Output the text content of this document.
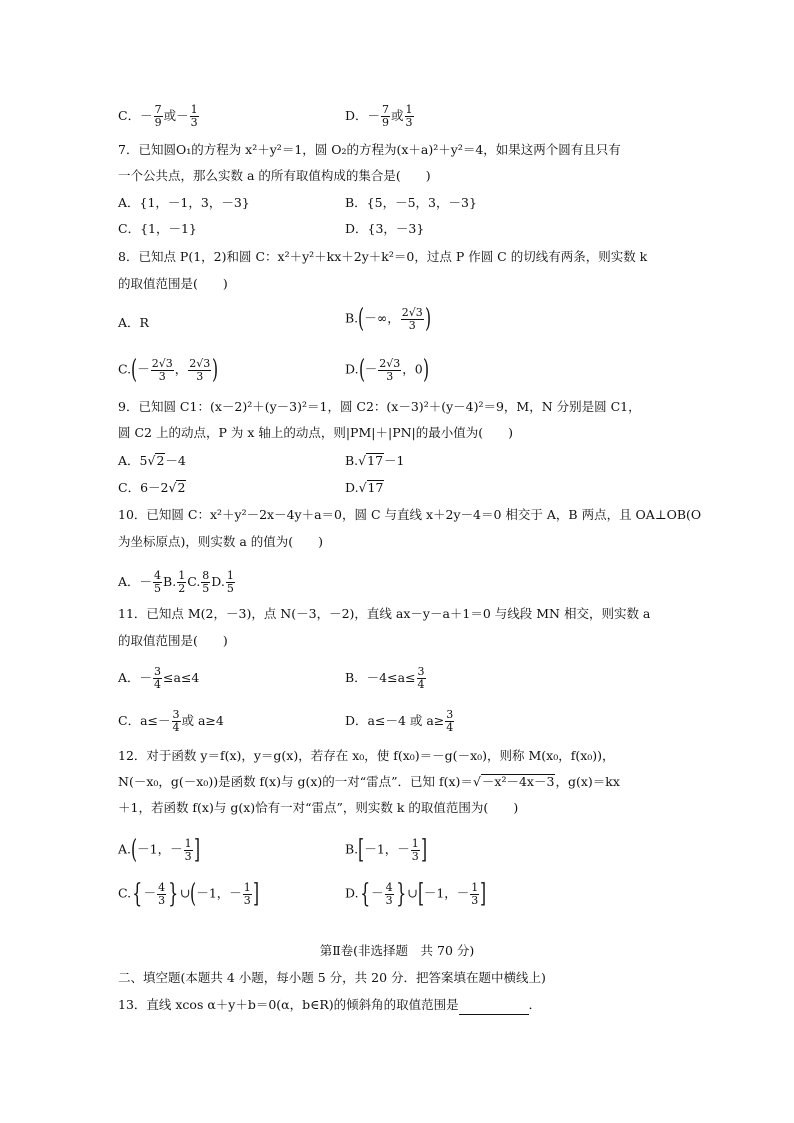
C．－ $\frac{7}{9}$ 或－ $\frac{1}{3}$	D．－ $\frac{7}{9}$ 或 $\frac{1}{3}$
7．已知圆O₁的方程为 x²＋y²＝1，圆 O₂的方程为(x＋a)²＋y²＝4，如果这两个圆有且只有
一个公共点，那么实数 a 的所有取值构成的集合是(　　)
A．{1，－1，3，－3}	B．{5，－5，3，－3}
C．{1，－1}	D．{3，－3}
8．已知点 P(1，2)和圆 C：x²＋y²＋kx＋2y＋k²＝0，过点 P 作圆 C 的切线有两条，则实数 k
的取值范围是(　　)
A．R	B.(－∞， $\frac{2√3}{3}$ )
$C.(- \frac{2√3}{3}$ ， $\frac{2√3}{3}$ )	$D.(- \frac{2√3}{3}$ ，0)
9．已知圆 C1：(x－2)²＋(y－3)²＝1，圆 C2：(x－3)²＋(y－4)²＝9，M，N 分别是圆 C1，
圆 C2 上的动点，P 为 x 轴上的动点，则|PM|＋|PN|的最小值为(　　)
A．5√2－4	B.√17－1
C．6－2√2	D.√17
10．已知圆 C：x²＋y²－2x－4y＋a＝0，圆 C 与直线 x＋2y－4＝0 相交于 A，B 两点，且 OA⊥OB(O
为坐标原点)，则实数 a 的值为(　　)
A．－ $\frac{4}{5} B$. $\frac{1}{2} C$. $\frac{8}{5} D$. $\frac{1}{5}$
11．已知点 M(2，－3)，点 N(－3，－2)，直线 ax－y－a＋1＝0 与线段 MN 相交，则实数 a
的取值范围是(　　)
A．－ $\frac{3}{4} \le a\le 4$	B．$-4\le a\le \frac{3}{4}$
C．$a\le- \frac{3}{4}$ 或 a≥4	D．a≤－4 或 $a\ge \frac{3}{4}$
12．对于函数 y＝f(x)，y＝g(x)，若存在 x₀，使 f(x₀)＝－g(－x₀)，则称 M(x₀，f(x₀))，
N(－x₀，g(－x₀))是函数 f(x)与 g(x)的一对“雷点”．已知 f(x)＝√－x²－4x－3，g(x)＝kx
＋1，若函数 f(x)与 g(x)恰有一对“雷点”，则实数 k 的取值范围为(　　)
A.(－1，－ $\frac{1}{3}$ ]	B.[－1，－ $\frac{1}{3}$ ]
$C.\{- \frac{4}{3}$ }∪(－1，－ $\frac{1}{3}$ ]	$D.\{- \frac{4}{3}$ }∪[－1，－ $\frac{1}{3}$ ]
第Ⅱ卷(非选择题　共 70 分)
二、填空题(本题共 4 小题，每小题 5 分，共 20 分．把答案填在题中横线上)
13．直线 xcos α＋y＋b＝0(α，b∈R)的倾斜角的取值范围是	．
